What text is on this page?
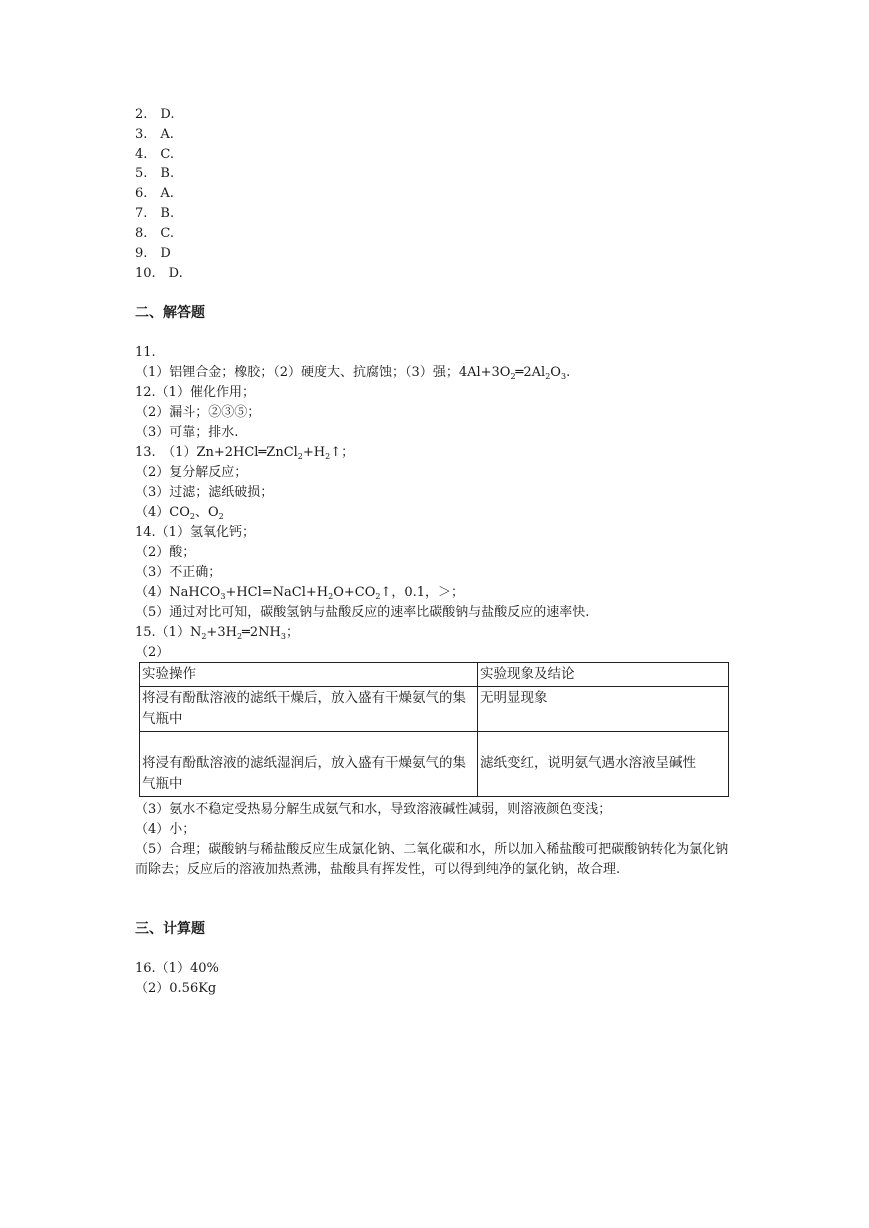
2.　D.

3.　A.

4.　C.

5.　B.

6.　A.

7.　B.

8.　C.

9.　D

10.　D.

二、解答题

11.

（1）铝锂合金；橡胶；（2）硬度大、抗腐蚀；（3）强；$4Al+3O_2═2Al_2O_3$.

12.（1）催化作用；

（2）漏斗；②③⑤；

（3）可靠；排水.

13.　$(1)Zn+2HCl═ZnCl_2+H_2↑$；

（2）复分解反应；

（3）过滤；滤纸破损；

$(4)CO_2$、$O_2$

14.（1）氢氧化钙；

（2）酸；

（3）不正确；

$(4)NaHCO_3+HCl=NaCl+H_2O+CO_2↑$，0.1，＞；

（5）通过对比可知，碳酸氢钠与盐酸反应的速率比碳酸钠与盐酸反应的速率快.

$15.(1)N_2+3H_2═2NH_3$；

（2）

实验操作	实验现象及结论

将浸有酚酞溶液的滤纸干燥后，放入盛有干燥氨气的集气瓶中	无明显现象

将浸有酚酞溶液的滤纸湿润后，放入盛有干燥氨气的集气瓶中	滤纸变红，说明氨气遇水溶液呈碱性

（3）氨水不稳定受热易分解生成氨气和水，导致溶液碱性减弱，则溶液颜色变浅；

（4）小；

（5）合理；碳酸钠与稀盐酸反应生成氯化钠、二氧化碳和水，所以加入稀盐酸可把碳酸钠转化为氯化钠而除去；反应后的溶液加热煮沸，盐酸具有挥发性，可以得到纯净的氯化钠，故合理.

三、计算题

16.（1）40%

（2）0.56Kg
